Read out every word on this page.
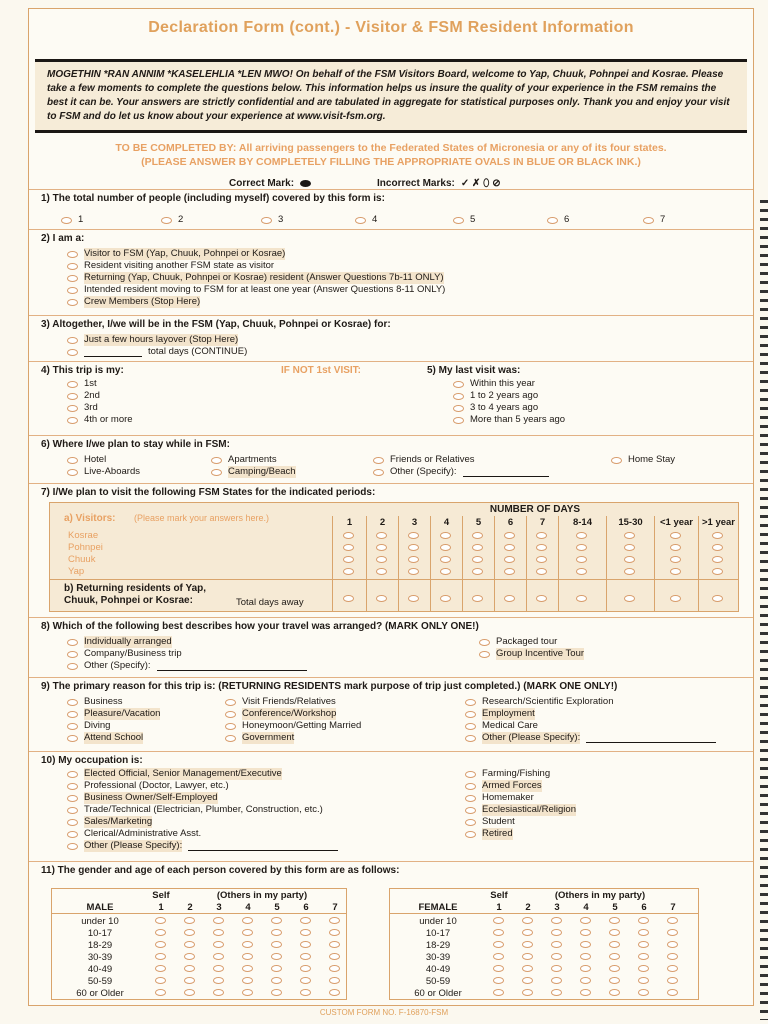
Declaration Form (cont.) - Visitor & FSM Resident Information
MOGETHIN *RAN ANNIM *KASELEHLIA *LEN MWO! On behalf of the FSM Visitors Board, welcome to Yap, Chuuk, Pohnpei and Kosrae. Please take a few moments to complete the questions below. This information helps us insure the quality of your experience in the FSM remains the best it can be. Your answers are strictly confidential and are tabulated in aggregate for statistical purposes only. Thank you and enjoy your visit to FSM and do let us know about your experience at www.visit-fsm.org.
TO BE COMPLETED BY: All arriving passengers to the Federated States of Micronesia or any of its four states.
(PLEASE ANSWER BY COMPLETELY FILLING THE APPROPRIATE OVALS IN BLUE OR BLACK INK.)
Correct Mark:	Incorrect Marks: ✓ ✗ ⬯ ⊘
1) The total number of people (including myself) covered by this form is:
1	2	3	4	5	6	7
2) I am a:
Visitor to FSM (Yap, Chuuk, Pohnpei or Kosrae)
Resident visiting another FSM state as visitor
Returning (Yap, Chuuk, Pohnpei or Kosrae) resident (Answer Questions 7b-11 ONLY)
Intended resident moving to FSM for at least one year (Answer Questions 8-11 ONLY)
Crew Members (Stop Here)
3) Altogether, I/we will be in the FSM (Yap, Chuuk, Pohnpei or Kosrae) for:
Just a few hours layover (Stop Here)
total days (CONTINUE)
4) This trip is my:
1st
2nd
3rd
4th or more
IF NOT 1st VISIT:	5) My last visit was:
Within this year
1 to 2 years ago
3 to 4 years ago
More than 5 years ago
6) Where I/we plan to stay while in FSM:
Hotel
Live-Aboards
Apartments
Camping/Beach
Friends or Relatives
Other (Specify):
Home Stay
7) I/We plan to visit the following FSM States for the indicated periods:
a) Visitors: (Please mark your answers here.)
NUMBER OF DAYS
1	2	3	4	5	6	7	8-14	15-30	<1 year >1 year
Kosrae
Pohnpei
Chuuk
Yap
b) Returning residents of Yap, Chuuk, Pohnpei or Kosrae:	Total days away
8) Which of the following best describes how your travel was arranged? (MARK ONLY ONE!)
Individually arranged
Company/Business trip
Other (Specify):
Packaged tour
Group Incentive Tour
9) The primary reason for this trip is: (RETURNING RESIDENTS mark purpose of trip just completed.) (MARK ONE ONLY!)
Business
Pleasure/Vacation
Diving
Attend School
Visit Friends/Relatives
Conference/Workshop
Honeymoon/Getting Married
Government
Research/Scientific Exploration
Employment
Medical Care
Other (Please Specify):
10) My occupation is:
Elected Official, Senior Management/Executive
Professional (Doctor, Lawyer, etc.)
Business Owner/Self-Employed
Trade/Technical (Electrician, Plumber, Construction, etc.)
Sales/Marketing
Clerical/Administrative Asst.
Other (Please Specify):
Farming/Fishing
Armed Forces
Homemaker
Ecclesiastical/Religion
Student
Retired
11) The gender and age of each person covered by this form are as follows:
Self	(Others in my party)
MALE	1	2	3	4	5	6	7
under 10
10-17
18-29
30-39
40-49
50-59
60 or Older
Self	(Others in my party)
FEMALE	1	2	3	4	5	6	7
under 10
10-17
18-29
30-39
40-49
50-59
60 or Older
CUSTOM FORM NO. F-16870-FSM
